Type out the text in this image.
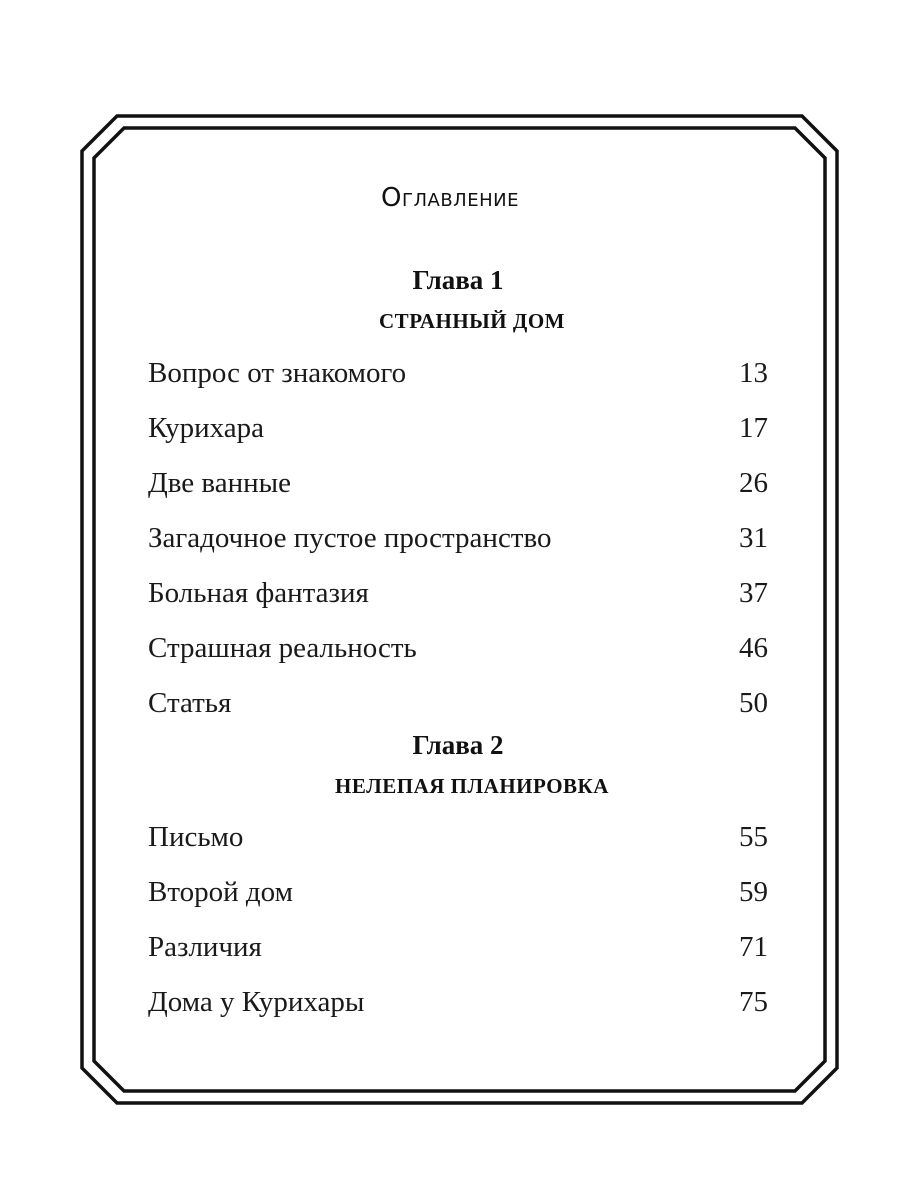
Оглавление
Глава 1
СТРАННЫЙ ДОМ
Вопрос от знакомого	13
Курихара	17
Две ванные	26
Загадочное пустое пространство	31
Больная фантазия	37
Страшная реальность	46
Статья	50
Глава 2
НЕЛЕПАЯ ПЛАНИРОВКА
Письмо	55
Второй дом	59
Различия	71
Дома у Курихары	75
